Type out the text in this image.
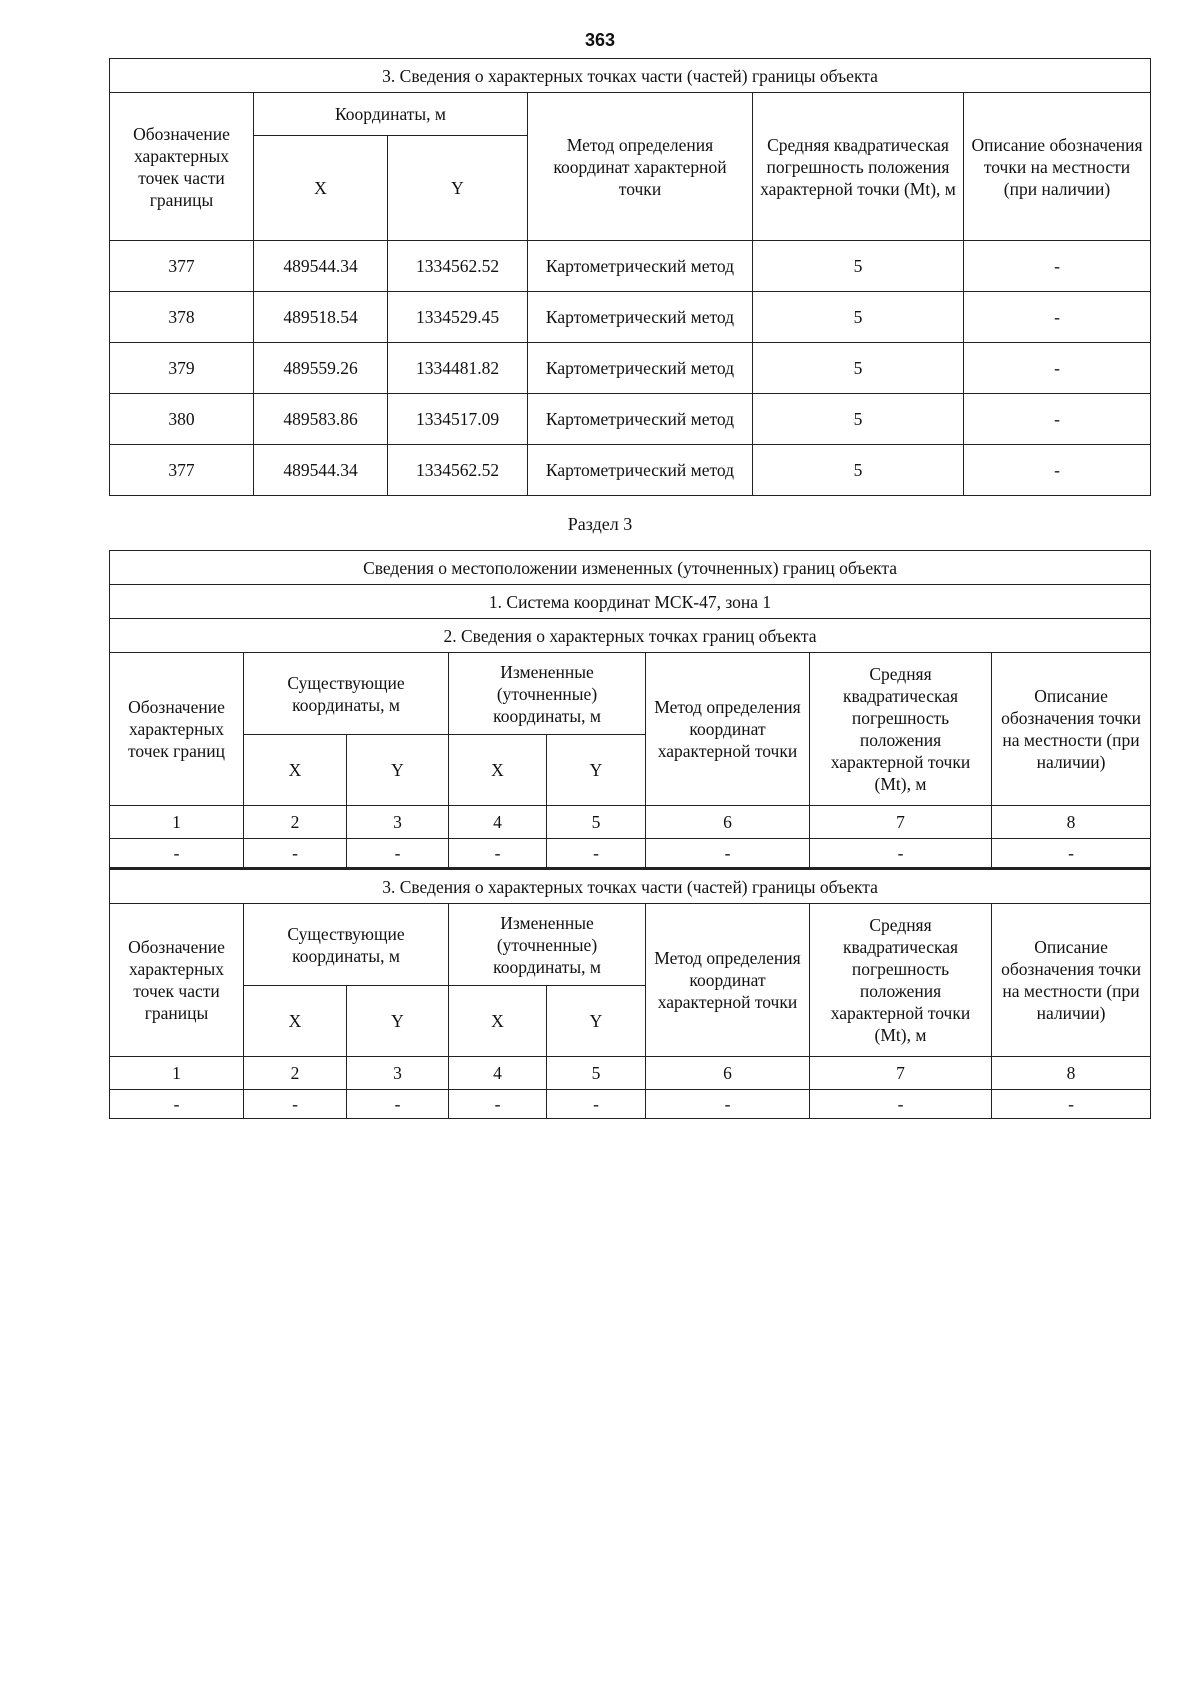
363
3. Сведения о характерных точках части (частей) границы объекта					
Обозначение характерных точек части границы	Координаты, м		Метод определения координат характерной точки	Средняя квадратическая погрешность положения характерной точки (Mt), м	Описание обозначения точки на местности (при наличии)
	X	Y			
377	489544.34	1334562.52	Картометрический метод	5	-
378	489518.54	1334529.45	Картометрический метод	5	-
379	489559.26	1334481.82	Картометрический метод	5	-
380	489583.86	1334517.09	Картометрический метод	5	-
377	489544.34	1334562.52	Картометрический метод	5	-
Раздел 3
Сведения о местоположении измененных (уточненных) границ объекта							
1. Система координат МСК-47, зона 1							
2. Сведения о характерных точках границ объекта							
Обозначение характерных точек границ	Существующие координаты, м		Измененные (уточненные) координаты, м		Метод определения координат характерной точки	Средняя квадратическая погрешность положения характерной точки (Mt), м	Описание обозначения точки на местности (при наличии)
	X	Y	X	Y			
1	2	3	4	5	6	7	8
-	-	-	-	-	-	-	-
3. Сведения о характерных точках части (частей) границы объекта							
Обозначение характерных точек части границы	Существующие координаты, м		Измененные (уточненные) координаты, м		Метод определения координат характерной точки	Средняя квадратическая погрешность положения характерной точки (Mt), м	Описание обозначения точки на местности (при наличии)
	X	Y	X	Y			
1	2	3	4	5	6	7	8
-	-	-	-	-	-	-	-
